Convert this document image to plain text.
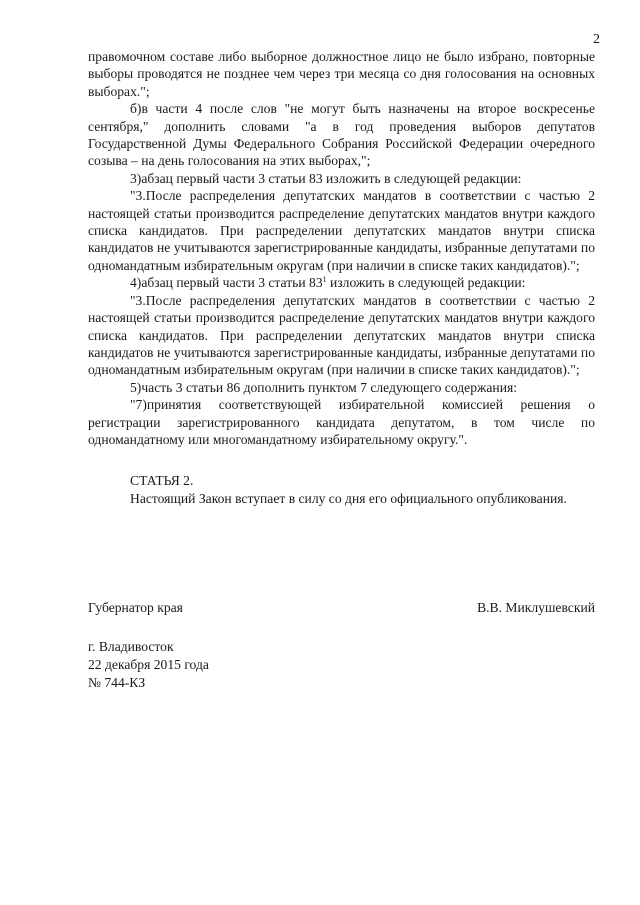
2

правомочном составе либо выборное должностное лицо не было избрано, повторные выборы проводятся не позднее чем через три месяца со дня голосования на основных выборах.";

б)в части 4 после слов "не могут быть назначены на второе воскресенье сентября," дополнить словами "а в год проведения выборов депутатов Государственной Думы Федерального Собрания Российской Федерации очередного созыва – на день голосования на этих выборах,";

3)абзац первый части 3 статьи 83 изложить в следующей редакции:

"3.После распределения депутатских мандатов в соответствии с частью 2 настоящей статьи производится распределение депутатских мандатов внутри каждого списка кандидатов. При распределении депутатских мандатов внутри списка кандидатов не учитываются зарегистрированные кандидаты, избранные депутатами по одномандатным избирательным округам (при наличии в списке таких кандидатов).";

4)абзац первый части 3 статьи $83^1$ изложить в следующей редакции:

"3.После распределения депутатских мандатов в соответствии с частью 2 настоящей статьи производится распределение депутатских мандатов внутри каждого списка кандидатов. При распределении депутатских мандатов внутри списка кандидатов не учитываются зарегистрированные кандидаты, избранные депутатами по одномандатным избирательным округам (при наличии в списке таких кандидатов).";

5)часть 3 статьи 86 дополнить пунктом 7 следующего содержания:

"7)принятия соответствующей избирательной комиссией решения о регистрации зарегистрированного кандидата депутатом, в том числе по одномандатному или многомандатному избирательному округу.".

СТАТЬЯ 2.

Настоящий Закон вступает в силу со дня его официального опубликования.

Губернатор края	В.В. Миклушевский
г. Владивосток
22 декабря 2015 года
№ 744-КЗ
